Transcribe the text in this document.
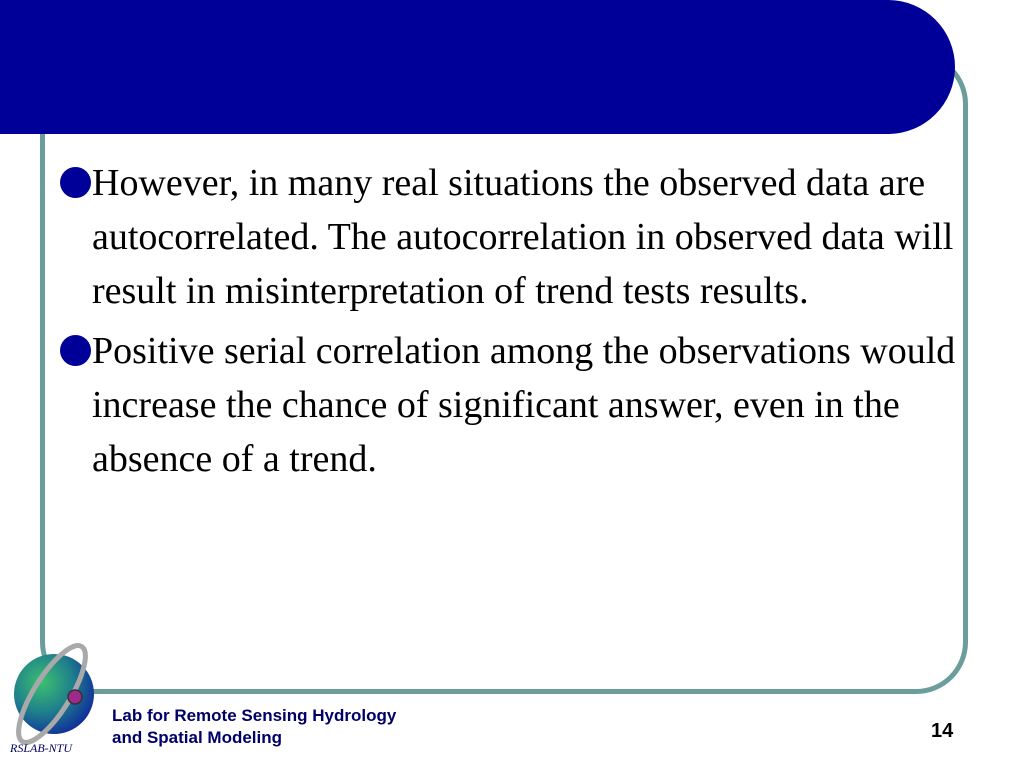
However, in many real situations the observed data are autocorrelated. The autocorrelation in observed data will result in misinterpretation of trend tests results.
Positive serial correlation among the observations would increase the chance of significant answer, even in the absence of a trend.
RSLAB-NTU
Lab for Remote Sensing Hydrology
and Spatial Modeling	14
